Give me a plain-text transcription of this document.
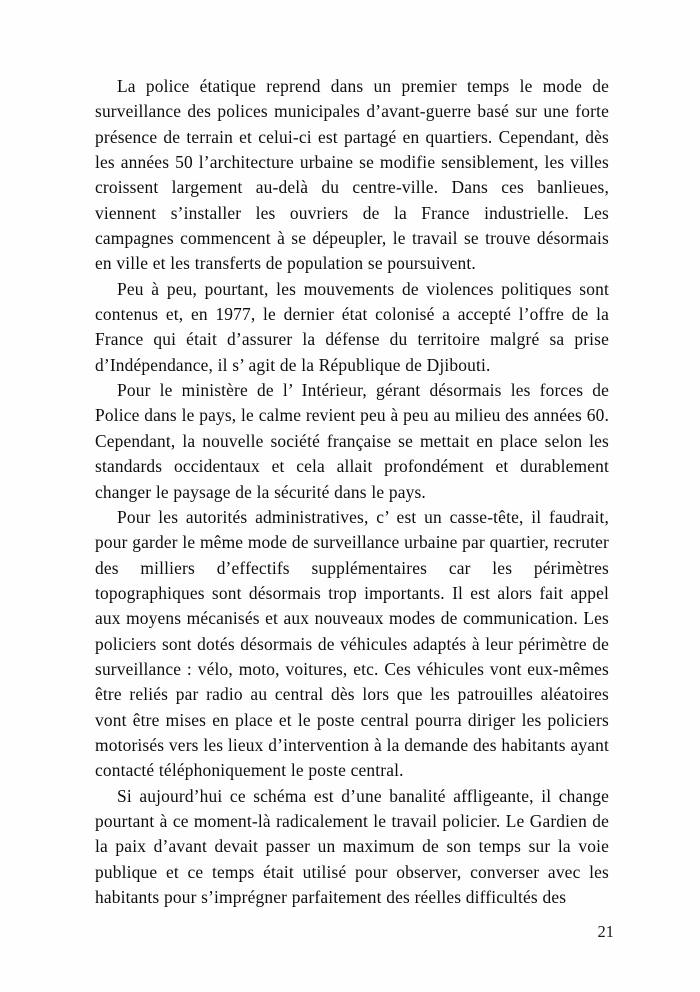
La police étatique reprend dans un premier temps le mode de surveillance des polices municipales d’avant-guerre basé sur une forte présence de terrain et celui-ci est partagé en quartiers. Cependant, dès les années 50 l’architecture urbaine se modifie sensiblement, les villes croissent largement au-delà du centre-ville. Dans ces banlieues, viennent s’installer les ouvriers de la France industrielle. Les campagnes commencent à se dépeupler, le travail se trouve désormais en ville et les transferts de population se poursuivent.

Peu à peu, pourtant, les mouvements de violences politiques sont contenus et, en 1977, le dernier état colonisé a accepté l’offre de la France qui était d’assurer la défense du territoire malgré sa prise d’Indépendance, il s’ agit de la République de Djibouti.

Pour le ministère de l’ Intérieur, gérant désormais les forces de Police dans le pays, le calme revient peu à peu au milieu des années 60. Cependant, la nouvelle société française se mettait en place selon les standards occidentaux et cela allait profondément et durablement changer le paysage de la sécurité dans le pays.

Pour les autorités administratives, c’ est un casse-tête, il faudrait, pour garder le même mode de surveillance urbaine par quartier, recruter des milliers d’effectifs supplémentaires car les périmètres topographiques sont désormais trop importants. Il est alors fait appel aux moyens mécanisés et aux nouveaux modes de communication. Les policiers sont dotés désormais de véhicules adaptés à leur périmètre de surveillance : vélo, moto, voitures, etc. Ces véhicules vont eux-mêmes être reliés par radio au central dès lors que les patrouilles aléatoires vont être mises en place et le poste central pourra diriger les policiers motorisés vers les lieux d’intervention à la demande des habitants ayant contacté téléphoniquement le poste central.

Si aujourd’hui ce schéma est d’une banalité affligeante, il change pourtant à ce moment-là radicalement le travail policier. Le Gardien de la paix d’avant devait passer un maximum de son temps sur la voie publique et ce temps était utilisé pour observer, converser avec les habitants pour s’imprégner parfaitement des réelles difficultés des

21
